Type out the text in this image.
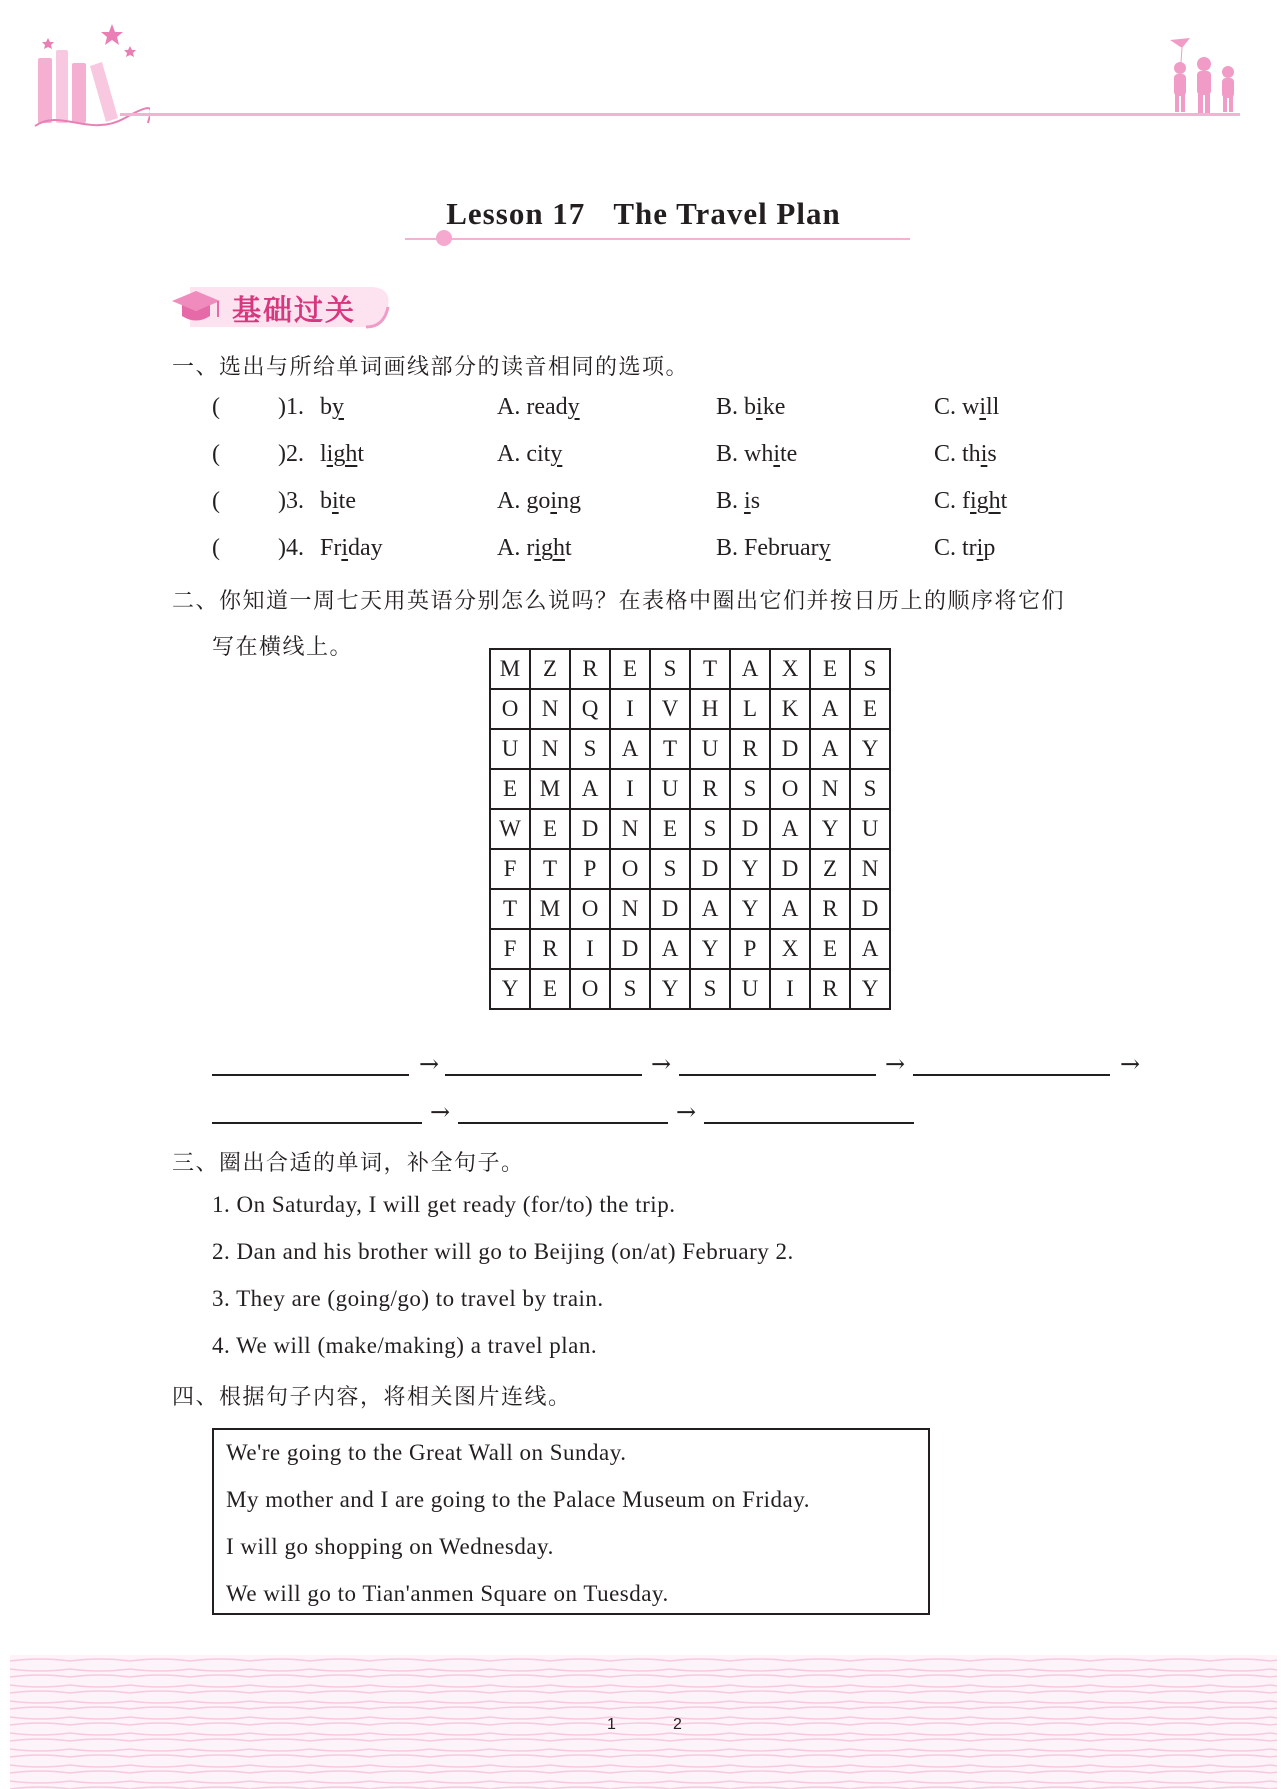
Lesson 17 The Travel Plan
基础过关
一、选出与所给单词画线部分的读音相同的选项。
( )1. by	A. ready	B. bike	C. will
( )2. light	A. city	B. white	C. this
( )3. bite	A. going	B. is	C. fight
( )4. Friday	A. right	B. February	C. trip
二、你知道一周七天用英语分别怎么说吗？在表格中圈出它们并按日历上的顺序将它们
写在横线上。
M	Z	R	E	S	T	A	X	E	S
O	N	Q	I	V	H	L	K	A	E
U	N	S	A	T	U	R	D	A	Y
E	M	A	I	U	R	S	O	N	S
W	E	D	N	E	S	D	A	Y	U
F	T	P	O	S	D	Y	D	Z	N
T	M	O	N	D	A	Y	A	R	D
F	R	I	D	A	Y	P	X	E	A
Y	E	O	S	Y	S	U	I	R	Y
→	→	→	→
→	→
三、圈出合适的单词，补全句子。
1. On Saturday, I will get ready (for/to) the trip.
2. Dan and his brother will go to Beijing (on/at) February 2.
3. They are (going/go) to travel by train.
4. We will (make/making) a travel plan.
四、根据句子内容，将相关图片连线。
We're going to the Great Wall on Sunday.
My mother and I are going to the Palace Museum on Friday.
I will go shopping on Wednesday.
We will go to Tian'anmen Square on Tuesday.
1	2
